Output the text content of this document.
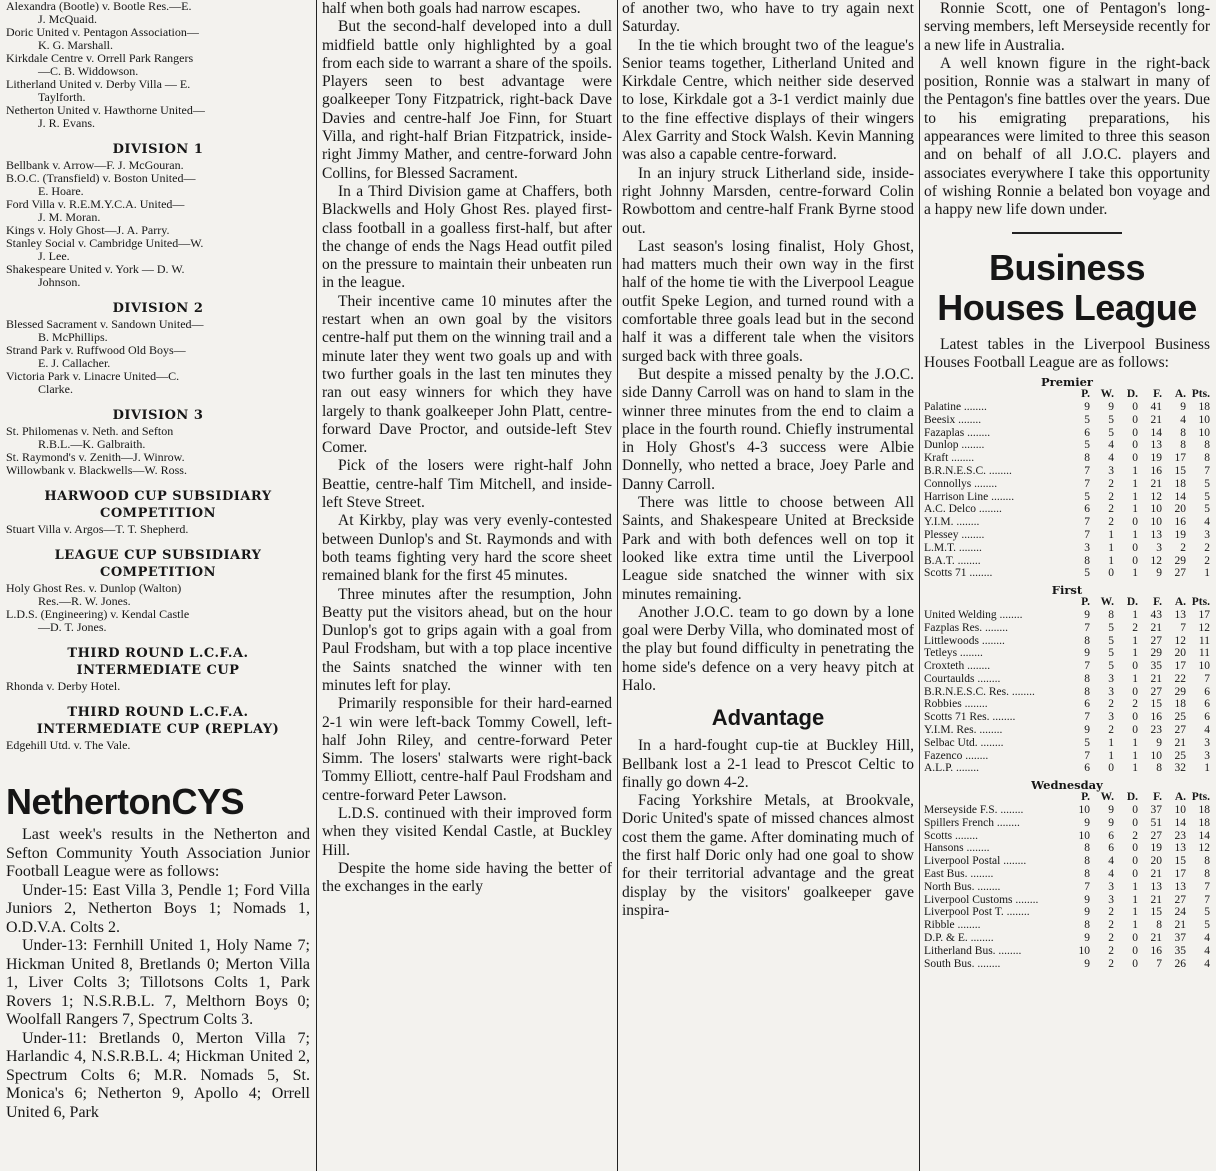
Alexandra (Bootle) v. Bootle Res.—E.

J. McQuaid.

Doric United v. Pentagon Association—

K. G. Marshall.

Kirkdale Centre v. Orrell Park Rangers

—C. B. Widdowson.

Litherland United v. Derby Villa — E.

Taylforth.

Netherton United v. Hawthorne United—

J. R. Evans.

DIVISION 1

Bellbank v. Arrow—F. J. McGouran.

B.O.C. (Transfield) v. Boston United—

E. Hoare.

Ford Villa v. R.E.M.Y.C.A. United—

J. M. Moran.

Kings v. Holy Ghost—J. A. Parry.

Stanley Social v. Cambridge United—W.

J. Lee.

Shakespeare United v. York — D. W.

Johnson.

DIVISION 2

Blessed Sacrament v. Sandown United—

B. McPhillips.

Strand Park v. Ruffwood Old Boys—

E. J. Callacher.

Victoria Park v. Linacre United—C.

Clarke.

DIVISION 3

St. Philomenas v. Neth. and Sefton

R.B.L.—K. Galbraith.

St. Raymond's v. Zenith—J. Winrow.

Willowbank v. Blackwells—W. Ross.

HARWOOD CUP SUBSIDIARY
COMPETITION

Stuart Villa v. Argos—T. T. Shepherd.

LEAGUE CUP SUBSIDIARY
COMPETITION

Holy Ghost Res. v. Dunlop (Walton)

Res.—R. W. Jones.

L.D.S. (Engineering) v. Kendal Castle

—D. T. Jones.

THIRD ROUND L.C.F.A.
INTERMEDIATE CUP

Rhonda v. Derby Hotel.

THIRD ROUND L.C.F.A.
INTERMEDIATE CUP (REPLAY)

Edgehill Utd. v. The Vale.

NethertonCYS

Last week's results in the Netherton and Sefton Community Youth Association Junior Football League were as follows:

Under-15: East Villa 3, Pendle 1; Ford Villa Juniors 2, Netherton Boys 1; Nomads 1, O.D.V.A. Colts 2.

Under-13: Fernhill United 1, Holy Name 7; Hickman United 8, Bretlands 0; Merton Villa 1, Liver Colts 3; Tillotsons Colts 1, Park Rovers 1; N.S.R.B.L. 7, Melthorn Boys 0; Woolfall Rangers 7, Spectrum Colts 3.

Under-11: Bretlands 0, Merton Villa 7; Harlandic 4, N.S.R.B.L. 4; Hickman United 2, Spectrum Colts 6; M.R. Nomads 5, St. Monica's 6; Netherton 9, Apollo 4; Orrell United 6, Park

half when both goals had narrow escapes.

But the second-half developed into a dull midfield battle only highlighted by a goal from each side to warrant a share of the spoils. Players seen to best advantage were goalkeeper Tony Fitzpatrick, right-back Dave Davies and centre-half Joe Finn, for Stuart Villa, and right-half Brian Fitzpatrick, inside-right Jimmy Mather, and centre-forward John Collins, for Blessed Sacrament.

In a Third Division game at Chaffers, both Blackwells and Holy Ghost Res. played first-class football in a goalless first-half, but after the change of ends the Nags Head outfit piled on the pressure to maintain their unbeaten run in the league.

Their incentive came 10 minutes after the restart when an own goal by the visitors centre-half put them on the winning trail and a minute later they went two goals up and with two further goals in the last ten minutes they ran out easy winners for which they have largely to thank goalkeeper John Platt, centre-forward Dave Proctor, and outside-left Stev Comer.

Pick of the losers were right-half John Beattie, centre-half Tim Mitchell, and inside-left Steve Street.

At Kirkby, play was very evenly-contested between Dunlop's and St. Raymonds and with both teams fighting very hard the score sheet remained blank for the first 45 minutes.

Three minutes after the resumption, John Beatty put the visitors ahead, but on the hour Dunlop's got to grips again with a goal from Paul Frodsham, but with a top place incentive the Saints snatched the winner with ten minutes left for play.

Primarily responsible for their hard-earned 2-1 win were left-back Tommy Cowell, left-half John Riley, and centre-forward Peter Simm. The losers' stalwarts were right-back Tommy Elliott, centre-half Paul Frodsham and centre-forward Peter Lawson.

L.D.S. continued with their improved form when they visited Kendal Castle, at Buckley Hill.

Despite the home side having the better of the exchanges in the early

of another two, who have to try again next Saturday.

In the tie which brought two of the league's Senior teams together, Litherland United and Kirkdale Centre, which neither side deserved to lose, Kirkdale got a 3-1 verdict mainly due to the fine effective displays of their wingers Alex Garrity and Stock Walsh. Kevin Manning was also a capable centre-forward.

In an injury struck Litherland side, inside-right Johnny Marsden, centre-forward Colin Rowbottom and centre-half Frank Byrne stood out.

Last season's losing finalist, Holy Ghost, had matters much their own way in the first half of the home tie with the Liverpool League outfit Speke Legion, and turned round with a comfortable three goals lead but in the second half it was a different tale when the visitors surged back with three goals.

But despite a missed penalty by the J.O.C. side Danny Carroll was on hand to slam in the winner three minutes from the end to claim a place in the fourth round. Chiefly instrumental in Holy Ghost's 4-3 success were Albie Donnelly, who netted a brace, Joey Parle and Danny Carroll.

There was little to choose between All Saints, and Shakespeare United at Breckside Park and with both defences well on top it looked like extra time until the Liverpool League side snatched the winner with six minutes remaining.

Another J.O.C. team to go down by a lone goal were Derby Villa, who dominated most of the play but found difficulty in penetrating the home side's defence on a very heavy pitch at Halo.

Advantage

In a hard-fought cup-tie at Buckley Hill, Bellbank lost a 2-1 lead to Prescot Celtic to finally go down 4-2.

Facing Yorkshire Metals, at Brookvale, Doric United's spate of missed chances almost cost them the game. After dominating much of the first half Doric only had one goal to show for their territorial advantage and the great display by the visitors' goalkeeper gave inspira-

Ronnie Scott, one of Pentagon's long-serving members, left Merseyside recently for a new life in Australia.

A well known figure in the right-back position, Ronnie was a stalwart in many of the Pentagon's fine battles over the years. Due to his emigrating preparations, his appearances were limited to three this season and on behalf of all J.O.C. players and associates everywhere I take this opportunity of wishing Ronnie a belated bon voyage and a happy new life down under.

Business
Houses League

Latest tables in the Liverpool Business Houses Football League are as follows:

Premier
	P.	W.	D.	F.	A.	Pts.
Palatine ........	9	9	0	41	9	18
Beesix ........	5	5	0	21	4	10
Fazaplas ........	6	5	0	14	8	10
Dunlop ........	5	4	0	13	8	8
Kraft ........	8	4	0	19	17	8
B.R.N.E.S.C. ........	7	3	1	16	15	7
Connollys ........	7	2	1	21	18	5
Harrison Line ........	5	2	1	12	14	5
A.C. Delco ........	6	2	1	10	20	5
Y.I.M. ........	7	2	0	10	16	4
Plessey ........	7	1	1	13	19	3
L.M.T. ........	3	1	0	3	2	2
B.A.T. ........	8	1	0	12	29	2
Scotts 71 ........	5	0	1	9	27	1
First
	P.	W.	D.	F.	A.	Pts.
United Welding ........	9	8	1	43	13	17
Fazplas Res. ........	7	5	2	21	7	12
Littlewoods ........	8	5	1	27	12	11
Tetleys ........	9	5	1	29	20	11
Croxteth ........	7	5	0	35	17	10
Courtaulds ........	8	3	1	21	22	7
B.R.N.E.S.C. Res. ........	8	3	0	27	29	6
Robbies ........	6	2	2	15	18	6
Scotts 71 Res. ........	7	3	0	16	25	6
Y.I.M. Res. ........	9	2	0	23	27	4
Selbac Utd. ........	5	1	1	9	21	3
Fazenco ........	7	1	1	10	25	3
A.L.P. ........	6	0	1	8	32	1
Wednesday
	P.	W.	D.	F.	A.	Pts.
Merseyside F.S. ........	10	9	0	37	10	18
Spillers French ........	9	9	0	51	14	18
Scotts ........	10	6	2	27	23	14
Hansons ........	8	6	0	19	13	12
Liverpool Postal ........	8	4	0	20	15	8
East Bus. ........	8	4	0	21	17	8
North Bus. ........	7	3	1	13	13	7
Liverpool Customs ........	9	3	1	21	27	7
Liverpool Post T. ........	9	2	1	15	24	5
Ribble ........	8	2	1	8	21	5
D.P. & E. ........	9	2	0	21	37	4
Litherland Bus. ........	10	2	0	16	35	4
South Bus. ........	9	2	0	7	26	4
